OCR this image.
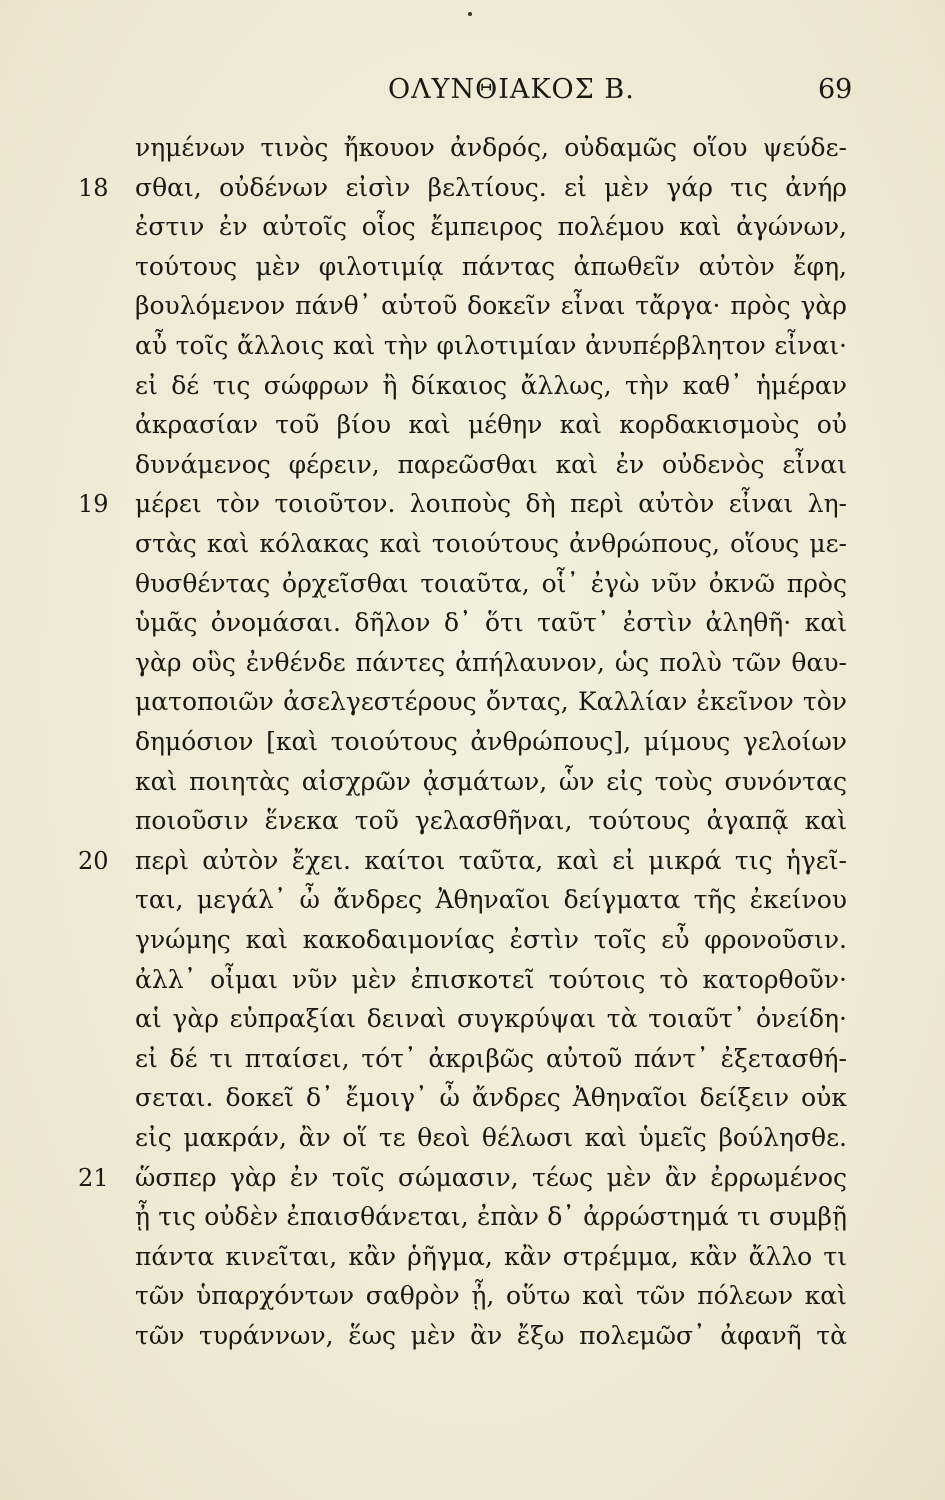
ΟΛΥΝΘΙΑΚΟΣ Β.	69
νημένων τινὸς ἤκουον ἀνδρός, οὐδαμῶς οἵου ψεύδε-
σθαι, οὐδένων εἰσὶν βελτίους. εἰ μὲν γάρ τις ἀνήρ
ἐστιν ἐν αὐτοῖς οἷος ἔμπειρος πολέμου καὶ ἀγώνων,
τούτους μὲν φιλοτιμίᾳ πάντας ἀπωθεῖν αὐτὸν ἔφη,
βουλόμενον πάνθ᾽ αὑτοῦ δοκεῖν εἶναι τἄργα· πρὸς γὰρ
αὖ τοῖς ἄλλοις καὶ τὴν φιλοτιμίαν ἀνυπέρβλητον εἶναι·
εἰ δέ τις σώφρων ἢ δίκαιος ἄλλως, τὴν καθ᾽ ἡμέραν
ἀκρασίαν τοῦ βίου καὶ μέθην καὶ κορδακισμοὺς οὐ
δυνάμενος φέρειν, παρεῶσθαι καὶ ἐν οὐδενὸς εἶναι
μέρει τὸν τοιοῦτον. λοιποὺς δὴ περὶ αὐτὸν εἶναι λη-
στὰς καὶ κόλακας καὶ τοιούτους ἀνθρώπους, οἵους με-
θυσθέντας ὀρχεῖσθαι τοιαῦτα, οἷ᾽ ἐγὼ νῦν ὀκνῶ πρὸς
ὑμᾶς ὀνομάσαι. δῆλον δ᾽ ὅτι ταῦτ᾽ ἐστὶν ἀληθῆ· καὶ
γὰρ οὓς ἐνθένδε πάντες ἀπήλαυνον, ὡς πολὺ τῶν θαυ-
ματοποιῶν ἀσελγεστέρους ὄντας, Καλλίαν ἐκεῖνον τὸν
δημόσιον [καὶ τοιούτους ἀνθρώπους], μίμους γελοίων
καὶ ποιητὰς αἰσχρῶν ᾀσμάτων, ὧν εἰς τοὺς συνόντας
ποιοῦσιν ἕνεκα τοῦ γελασθῆναι, τούτους ἀγαπᾷ καὶ
περὶ αὐτὸν ἔχει. καίτοι ταῦτα, καὶ εἰ μικρά τις ἡγεῖ-
ται, μεγάλ᾽ ὦ ἄνδρες Ἀθηναῖοι δείγματα τῆς ἐκείνου
γνώμης καὶ κακοδαιμονίας ἐστὶν τοῖς εὖ φρονοῦσιν.
ἀλλ᾽ οἶμαι νῦν μὲν ἐπισκοτεῖ τούτοις τὸ κατορθοῦν·
αἱ γὰρ εὐπραξίαι δειναὶ συγκρύψαι τὰ τοιαῦτ᾽ ὀνείδη·
εἰ δέ τι πταίσει, τότ᾽ ἀκριβῶς αὐτοῦ πάντ᾽ ἐξετασθή-
σεται. δοκεῖ δ᾽ ἔμοιγ᾽ ὦ ἄνδρες Ἀθηναῖοι δείξειν οὐκ
εἰς μακράν, ἂν οἵ τε θεοὶ θέλωσι καὶ ὑμεῖς βούλησθε.
ὥσπερ γὰρ ἐν τοῖς σώμασιν, τέως μὲν ἂν ἐρρωμένος
ᾖ τις οὐδὲν ἐπαισθάνεται, ἐπὰν δ᾽ ἀρρώστημά τι συμβῇ
πάντα κινεῖται, κἂν ῥῆγμα, κἂν στρέμμα, κἂν ἄλλο τι
τῶν ὑπαρχόντων σαθρὸν ᾖ, οὕτω καὶ τῶν πόλεων καὶ
τῶν τυράννων, ἕως μὲν ἂν ἔξω πολεμῶσ᾽ ἀφανῆ τὰ
18
19
20
21
